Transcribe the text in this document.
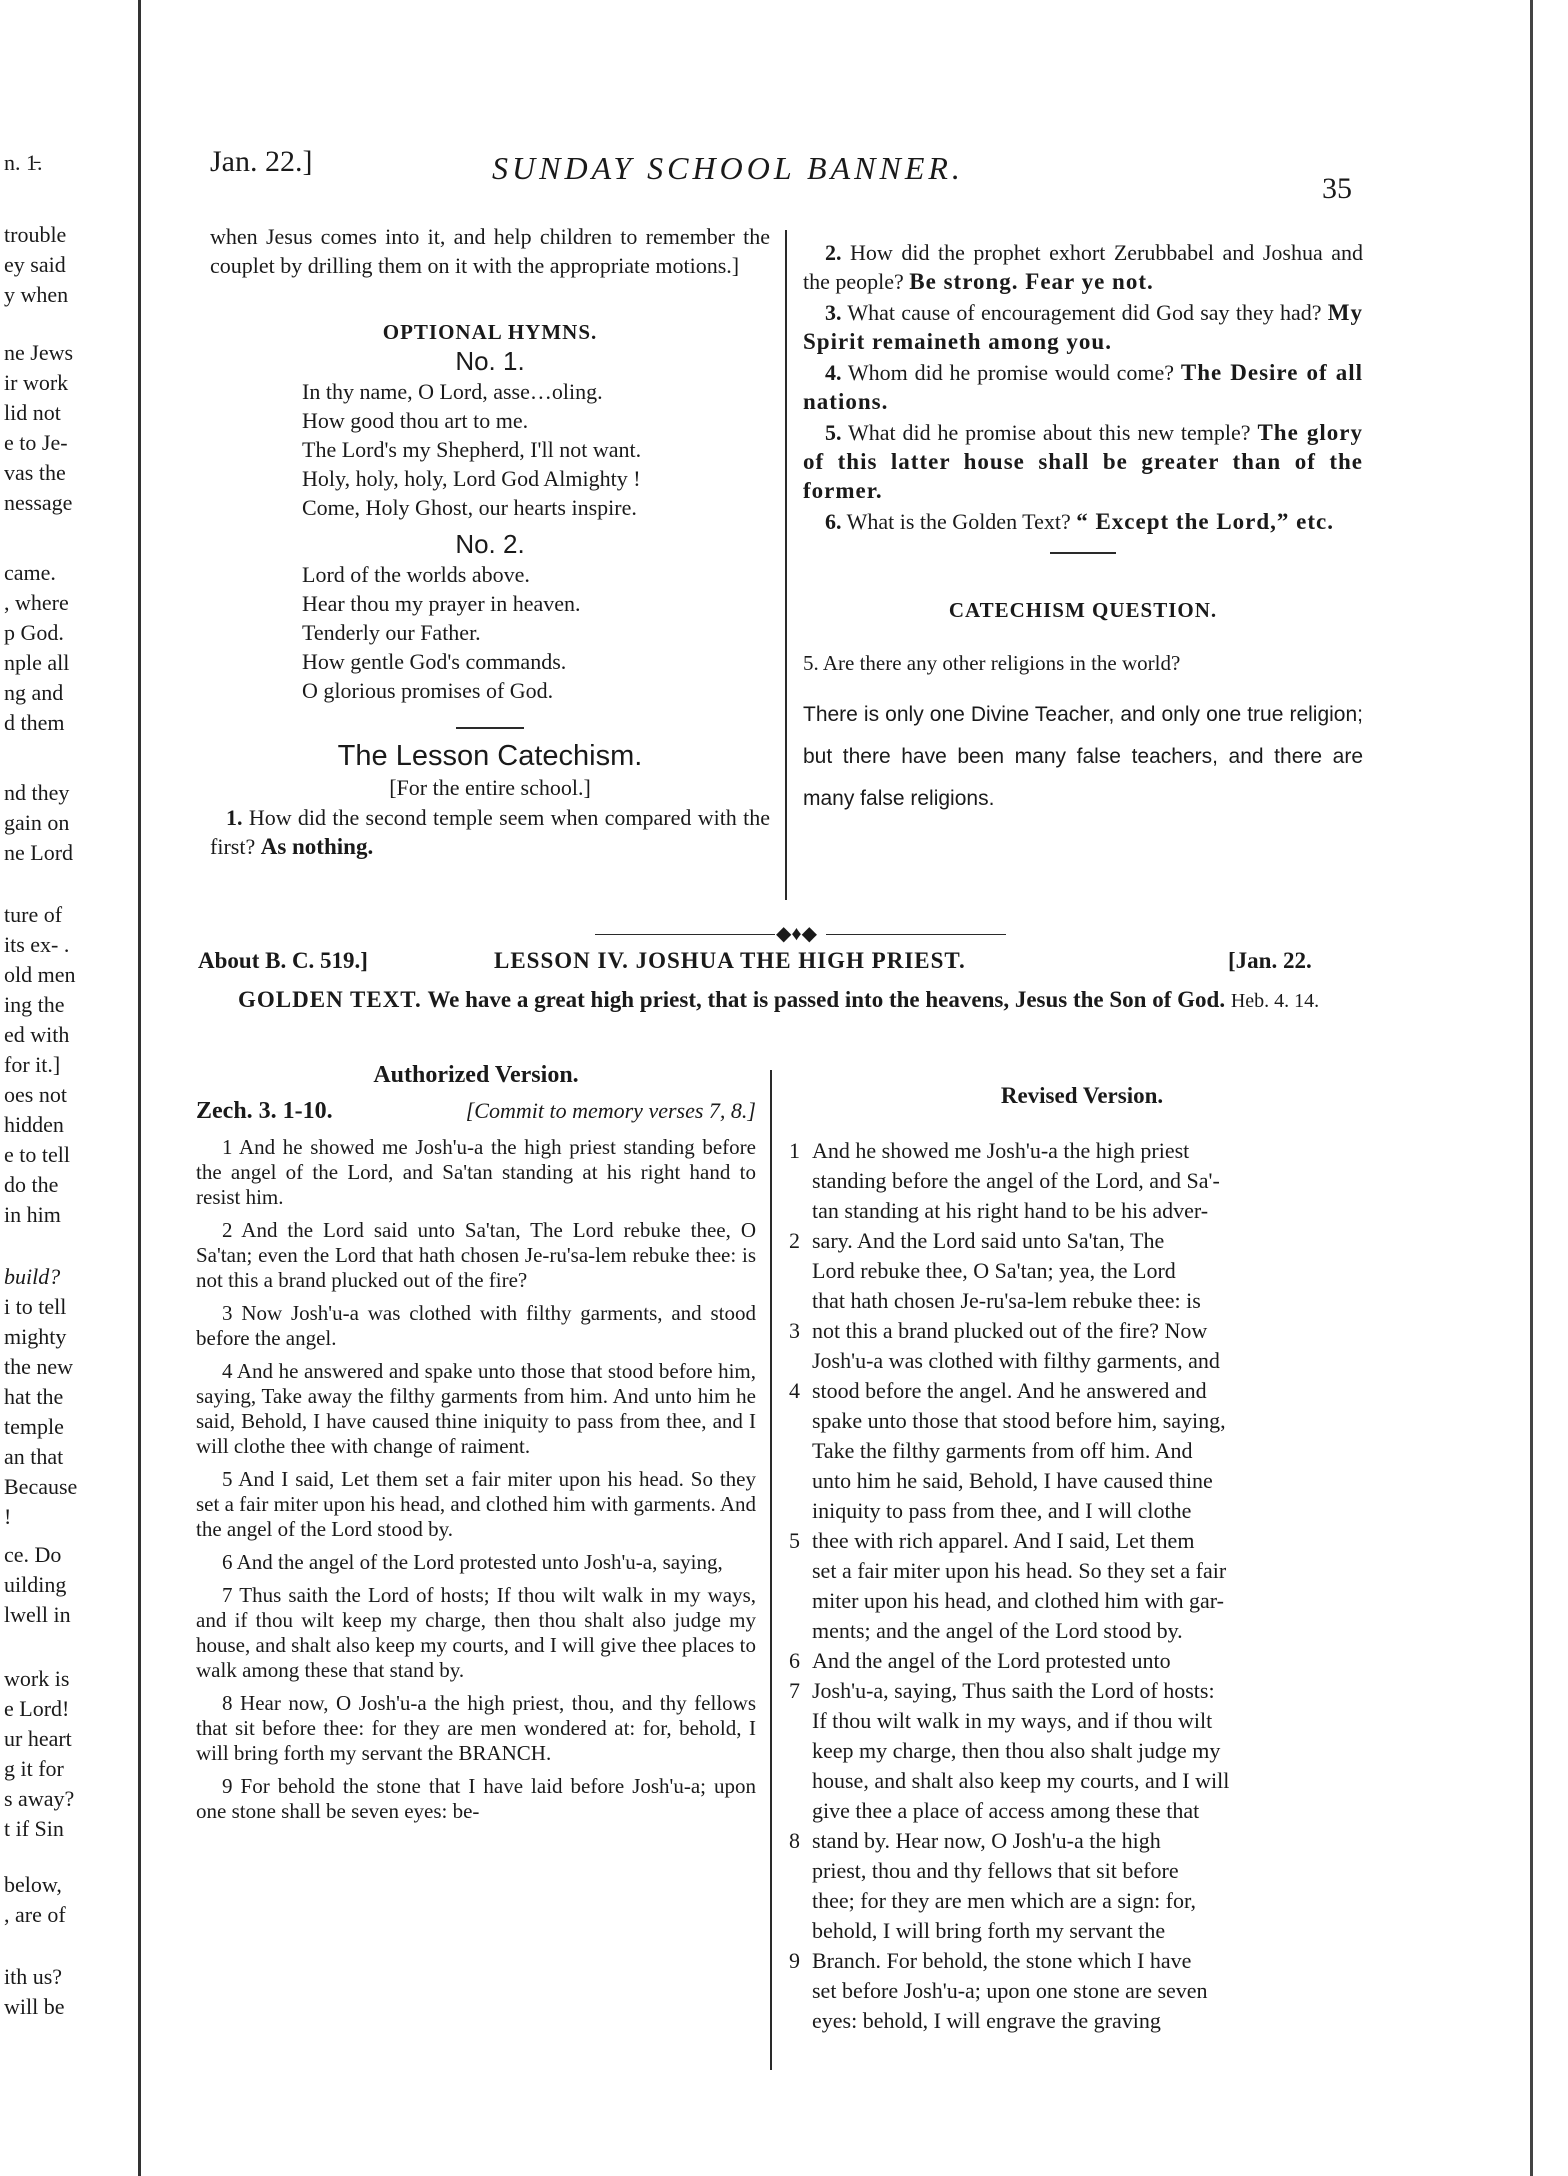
n. 1̵.
trouble
ey said
y when
ne Jews
ir work
lid not
e to Je-
vas the
nessage
came.
, where
p God.
nple all
ng and
d them
nd they
gain on
ne Lord
ture of
its ex- .
old men
ing the
ed with
for it.]
oes not
hidden
e to tell
do the
in him
build?
i to tell
mighty
the new
hat the
temple
an that
Because
!
ce. Do
uilding
lwell in
work is
e Lord!
ur heart
g it for
s away?
t if Sin
below,
, are of
ith us?
will be
Jan. 22.]	SUNDAY SCHOOL BANNER.
35
when Jesus comes into it, and help children to remember the couplet by drilling them on it with the appropriate motions.]
OPTIONAL HYMNS.
No. 1.
In thy name, O Lord, asse…oling.
How good thou art to me.
The Lord's my Shepherd, I'll not want.
Holy, holy, holy, Lord God Almighty !
Come, Holy Ghost, our hearts inspire.
No. 2.
Lord of the worlds above.
Hear thou my prayer in heaven.
Tenderly our Father.
How gentle God's commands.
O glorious promises of God.
The Lesson Catechism.
[For the entire school.]
1. How did the second temple seem when compared with the first? As nothing.
2. How did the prophet exhort Zerubbabel and Joshua and the people? Be strong. Fear ye not.
3. What cause of encouragement did God say they had? My Spirit remaineth among you.
4. Whom did he promise would come? The Desire of all nations.
5. What did he promise about this new temple? The glory of this latter house shall be greater than of the former.
6. What is the Golden Text? “ Except the Lord,” etc.
CATECHISM QUESTION.
5. Are there any other religions in the world?
There is only one Divine Teacher, and only one true religion; but there have been many false teachers, and there are many false religions.
◆♦◆
About B. C. 519.]	LESSON IV. JOSHUA THE HIGH PRIEST.	[Jan. 22.
GOLDEN TEXT. We have a great high priest, that is passed into the heavens, Jesus the Son of God. Heb. 4. 14.
Authorized Version.
Zech. 3. 1-10.	[Commit to memory verses 7, 8.]

1 And he showed me Josh'u-a the high priest standing before the angel of the Lord, and Sa'tan standing at his right hand to resist him.

2 And the Lord said unto Sa'tan, The Lord rebuke thee, O Sa'tan; even the Lord that hath chosen Je-ru'sa-lem rebuke thee: is not this a brand plucked out of the fire?

3 Now Josh'u-a was clothed with filthy garments, and stood before the angel.

4 And he answered and spake unto those that stood before him, saying, Take away the filthy garments from him. And unto him he said, Behold, I have caused thine iniquity to pass from thee, and I will clothe thee with change of raiment.

5 And I said, Let them set a fair miter upon his head. So they set a fair miter upon his head, and clothed him with garments. And the angel of the Lord stood by.

6 And the angel of the Lord protested unto Josh'u-a, saying,

7 Thus saith the Lord of hosts; If thou wilt walk in my ways, and if thou wilt keep my charge, then thou shalt also judge my house, and shalt also keep my courts, and I will give thee places to walk among these that stand by.

8 Hear now, O Josh'u-a the high priest, thou, and thy fellows that sit before thee: for they are men wondered at: for, behold, I will bring forth my servant the BRANCH.

9 For behold the stone that I have laid before Josh'u-a; upon one stone shall be seven eyes: be-

Revised Version.
1 And he showed me Josh'u-a the high priest
standing before the angel of the Lord, and Sa'-
tan standing at his right hand to be his adver-
2 sary. And the Lord said unto Sa'tan, The
Lord rebuke thee, O Sa'tan; yea, the Lord
that hath chosen Je-ru'sa-lem rebuke thee: is
3 not this a brand plucked out of the fire? Now
Josh'u-a was clothed with filthy garments, and
4 stood before the angel. And he answered and
spake unto those that stood before him, saying,
Take the filthy garments from off him. And
unto him he said, Behold, I have caused thine
iniquity to pass from thee, and I will clothe
5 thee with rich apparel. And I said, Let them
set a fair miter upon his head. So they set a fair
miter upon his head, and clothed him with gar-
ments; and the angel of the Lord stood by.
6 And the angel of the Lord protested unto
7 Josh'u-a, saying, Thus saith the Lord of hosts:
If thou wilt walk in my ways, and if thou wilt
keep my charge, then thou also shalt judge my
house, and shalt also keep my courts, and I will
give thee a place of access among these that
8 stand by. Hear now, O Josh'u-a the high
priest, thou and thy fellows that sit before
thee; for they are men which are a sign: for,
behold, I will bring forth my servant the
9 Branch. For behold, the stone which I have
set before Josh'u-a; upon one stone are seven
eyes: behold, I will engrave the graving
